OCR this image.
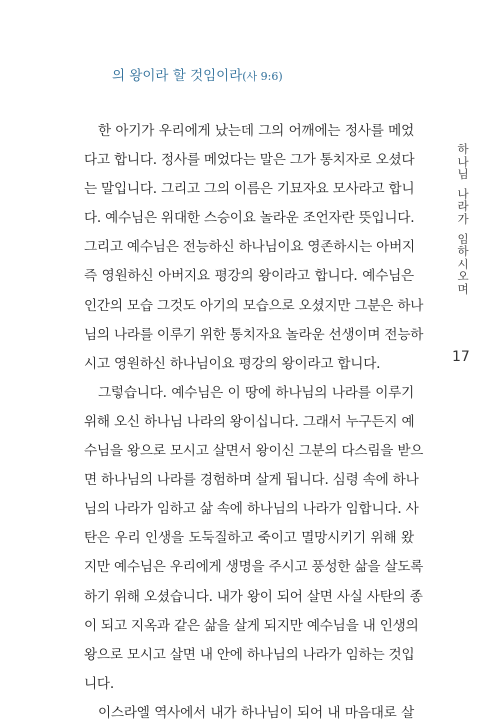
의 왕이라 할 것임이라(사 9:6)
한 아기가 우리에게 났는데 그의 어깨에는 정사를 메었
다고 합니다. 정사를 메었다는 말은 그가 통치자로 오셨다
는 말입니다. 그리고 그의 이름은 기묘자요 모사라고 합니
다. 예수님은 위대한 스승이요 놀라운 조언자란 뜻입니다.
그리고 예수님은 전능하신 하나님이요 영존하시는 아버지
즉 영원하신 아버지요 평강의 왕이라고 합니다. 예수님은
인간의 모습 그것도 아기의 모습으로 오셨지만 그분은 하나
님의 나라를 이루기 위한 통치자요 놀라운 선생이며 전능하
시고 영원하신 하나님이요 평강의 왕이라고 합니다.
그렇습니다. 예수님은 이 땅에 하나님의 나라를 이루기
위해 오신 하나님 나라의 왕이십니다. 그래서 누구든지 예
수님을 왕으로 모시고 살면서 왕이신 그분의 다스림을 받으
면 하나님의 나라를 경험하며 살게 됩니다. 심령 속에 하나
님의 나라가 임하고 삶 속에 하나님의 나라가 임합니다. 사
탄은 우리 인생을 도둑질하고 죽이고 멸망시키기 위해 왔
지만 예수님은 우리에게 생명을 주시고 풍성한 삶을 살도록
하기 위해 오셨습니다. 내가 왕이 되어 살면 사실 사탄의 종
이 되고 지옥과 같은 삶을 살게 되지만 예수님을 내 인생의
왕으로 모시고 살면 내 안에 하나님의 나라가 임하는 것입
니다.
이스라엘 역사에서 내가 하나님이 되어 내 마음대로 살
하
나
님
나
라
가
임
하
시
오
며
17
